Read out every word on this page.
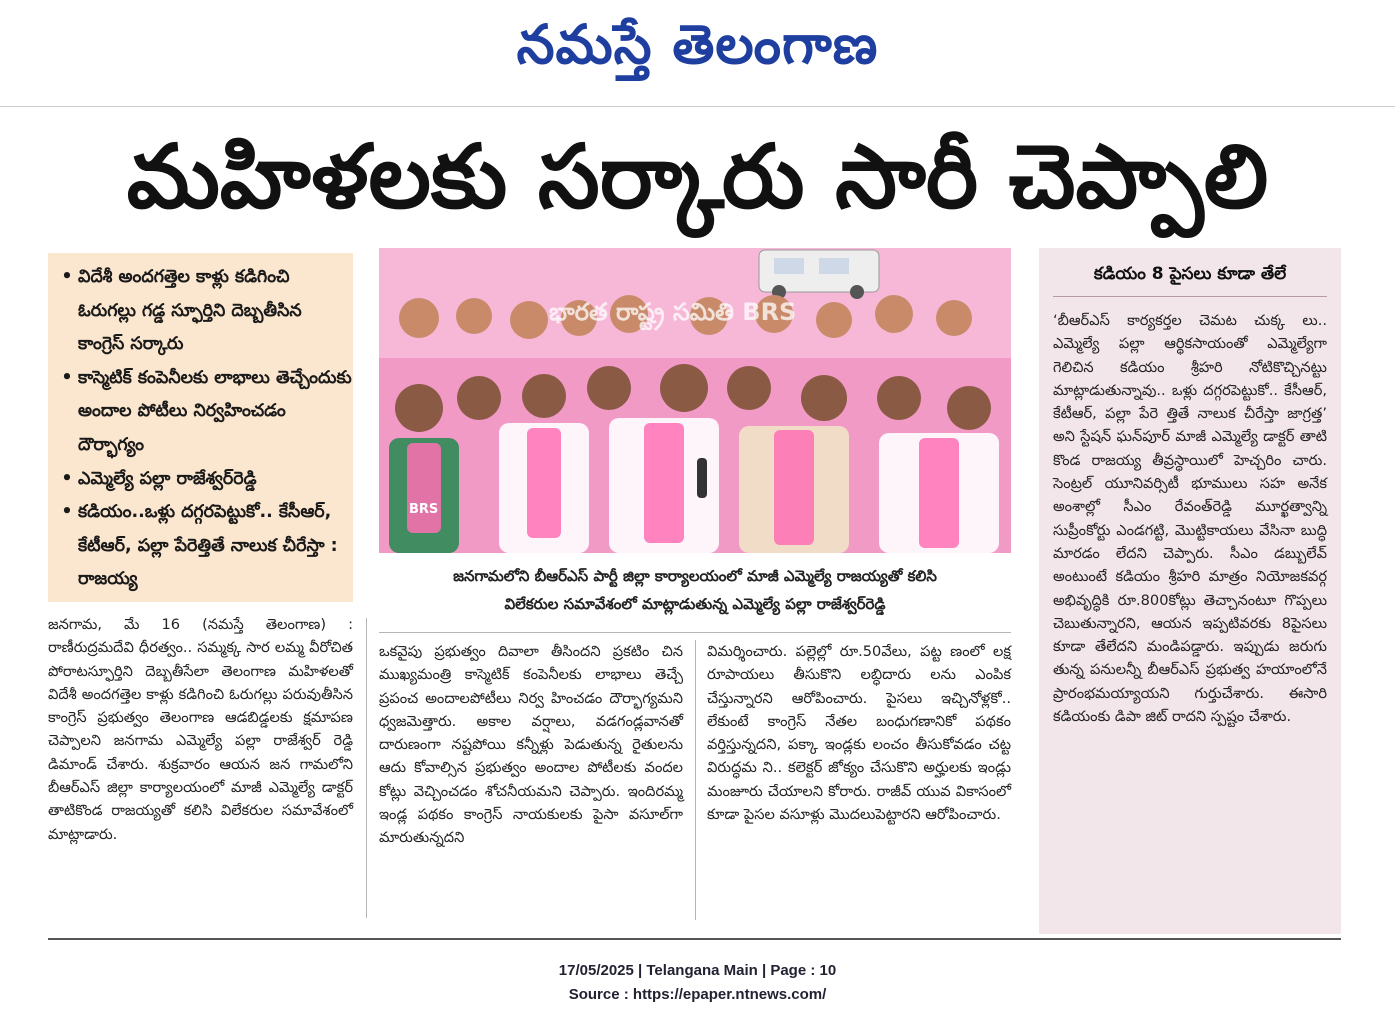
నమస్తే తెలంగాణ
మహిళలకు సర్కారు సారీ చెప్పాలి
• విదేశీ అందగత్తెల కాళ్లు కడిగించి ఓరుగల్లు గడ్డ స్ఫూర్తిని దెబ్బతీసిన కాంగ్రెస్ సర్కారు
• కాస్మెటిక్ కంపెనీలకు లాభాలు తెచ్చేందుకు అందాల పోటీలు నిర్వహించడం దౌర్భాగ్యం
• ఎమ్మెల్యే పల్లా రాజేశ్వర్‌రెడ్డి
• కడియం..ఒళ్లు దగ్గరపెట్టుకో.. కేసీఆర్, కేటీఆర్, పల్లా పేరెత్తితే నాలుక చీరేస్తా : రాజయ్య
భారత రాష్ట్ర సమితి BRS
BRS
జనగామలోని బీఆర్‌ఎస్ పార్టీ జిల్లా కార్యాలయంలో మాజీ ఎమ్మెల్యే రాజయ్యతో కలిసి
విలేకరుల సమావేశంలో మాట్లాడుతున్న ఎమ్మెల్యే పల్లా రాజేశ్వర్‌రెడ్డి

జనగామ, మే 16 (నమస్తే తెలంగాణ) : రాణీరుద్రమదేవి ధీరత్వం.. సమ్మక్క సార లమ్మ వీరోచిత పోరాటస్ఫూర్తిని దెబ్బతీసేలా తెలంగాణ మహిళలతో విదేశీ అందగత్తెల కాళ్లు కడిగించి ఓరుగల్లు పరువుతీసిన కాంగ్రెస్ ప్రభుత్వం తెలంగాణ ఆడబిడ్డలకు క్షమాపణ చెప్పాలని జనగామ ఎమ్మెల్యే పల్లా రాజేశ్వర్ రెడ్డి డిమాండ్ చేశారు. శుక్రవారం ఆయన జన గామలోని బీఆర్‌ఎస్ జిల్లా కార్యాలయంలో మాజీ ఎమ్మెల్యే డాక్టర్ తాటికొండ రాజయ్యతో కలిసి విలేకరుల సమావేశంలో మాట్లాడారు.

ఒకవైపు ప్రభుత్వం దివాలా తీసిందని ప్రకటిం చిన ముఖ్యమంత్రి కాస్మెటిక్ కంపెనీలకు లాభాలు తెచ్చే ప్రపంచ అందాలపోటీలు నిర్వ హించడం దౌర్భాగ్యమని ధ్వజమెత్తారు. అకాల వర్షాలు, వడగండ్లవానతో దారుణంగా నష్టపోయి కన్నీళ్లు పెడుతున్న రైతులను ఆదు కోవాల్సిన ప్రభుత్వం అందాల పోటీలకు వందల కోట్లు వెచ్చించడం శోచనీయమని చెప్పారు. ఇందిరమ్మ ఇండ్ల పథకం కాంగ్రెస్ నాయకులకు పైసా వసూల్‌గా మారుతున్నదని

విమర్శించారు. పల్లెల్లో రూ.50వేలు, పట్ట ణంలో లక్ష రూపాయలు తీసుకొని లబ్ధిదారు లను ఎంపిక చేస్తున్నారని ఆరోపించారు. పైసలు ఇచ్చినోళ్లకో.. లేకుంటే కాంగ్రెస్ నేతల బంధుగణానికో పథకం వర్తిస్తున్నదని, పక్కా ఇండ్లకు లంచం తీసుకోవడం చట్ట విరుద్ధమ ని.. కలెక్టర్ జోక్యం చేసుకొని అర్హులకు ఇండ్లు మంజూరు చేయాలని కోరారు. రాజీవ్ యువ వికాసంలో కూడా పైసల వసూళ్లు మొదలుపెట్టారని ఆరోపించారు.

కడియం 8 పైసలు కూడా తేలే
‘బీఆర్‌ఎస్ కార్యకర్తల చెమట చుక్క లు.. ఎమ్మెల్యే పల్లా ఆర్థికసాయంతో ఎమ్మెల్యేగా గెలిచిన కడియం శ్రీహరి నోటికొచ్చినట్టు మాట్లాడుతున్నావు.. ఒళ్లు దగ్గరపెట్టుకో.. కేసీఆర్, కేటీఆర్, పల్లా పేరె త్తితే నాలుక చీరేస్తా జాగ్రత్త’ అని స్టేషన్ ఘన్‌పూర్ మాజీ ఎమ్మెల్యే డాక్టర్ తాటి కొండ రాజయ్య తీవ్రస్థాయిలో హెచ్చరిం చారు. సెంట్రల్ యూనివర్సిటీ భూములు సహ అనేక అంశాల్లో సీఎం రేవంత్‌రెడ్డి మూర్ఖత్వాన్ని సుప్రీంకోర్టు ఎండగట్టి, మొట్టికాయలు వేసినా బుద్ధి మారడం లేదని చెప్పారు. సీఎం డబ్బులేవ్ అంటుంటే కడియం శ్రీహరి మాత్రం నియోజకవర్గ అభివృద్ధికి రూ.800కోట్లు తెచ్చానంటూ గొప్పలు చెబుతున్నారని, ఆయన ఇప్పటివరకు 8పైసలు కూడా తేలేదని మండిపడ్డారు. ఇప్పుడు జరుగు తున్న పనులన్నీ బీఆర్‌ఎస్ ప్రభుత్వ హయాంలోనే ప్రారంభమయ్యాయని గుర్తుచేశారు. ఈసారి కడియంకు డిపా జిట్ రాదని స్పష్టం చేశారు.
17/05/2025 | Telangana Main | Page : 10
Source : https://epaper.ntnews.com/
